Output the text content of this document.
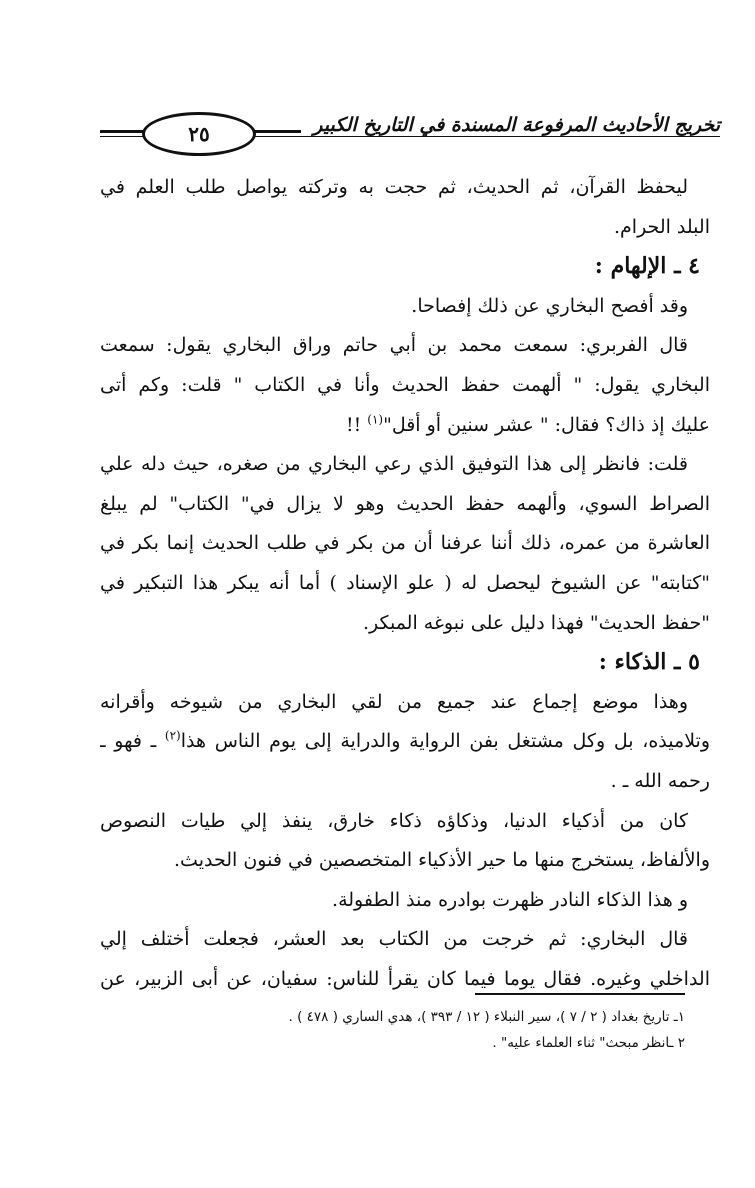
٢٥	تخريج الأحاديث المرفوعة المسندة في التاريخ الكبير
ليحفظ القرآن، ثم الحديث، ثم حجت به وتركته يواصل طلب العلم في
البلد الحرام.
٤ ـ الإلهام :
وقد أفصح البخاري عن ذلك إفصاحا.
قال الفربري: سمعت محمد بن أبي حاتم وراق البخاري يقول: سمعت
البخاري يقول: " ألهمت حفظ الحديث وأنا في الكتاب " قلت: وكم أتى
عليك إذ ذاك؟ فقال: " عشر سنين أو أقل"$^{(١)}$ !!
قلت: فانظر إلى هذا التوفيق الذي رعي البخاري من صغره، حيث دله علي
الصراط السوي، وألهمه حفظ الحديث وهو لا يزال في" الكتاب" لم يبلغ
العاشرة من عمره، ذلك أننا عرفنا أن من بكر في طلب الحديث إنما بكر في
"كتابته" عن الشيوخ ليحصل له ( علو الإسناد ) أما أنه يبكر هذا التبكير في
"حفظ الحديث" فهذا دليل على نبوغه المبكر.
٥ ـ الذكاء :
وهذا موضع إجماع عند جميع من لقي البخاري من شيوخه وأقرانه
وتلاميذه، بل وكل مشتغل بفن الرواية والدراية إلى يوم الناس هذا$^{(٢)}$ ـ فهو ـ
رحمه الله ـ .
كان من أذكياء الدنيا، وذكاؤه ذكاء خارق، ينفذ إلي طيات النصوص
والألفاظ، يستخرج منها ما حير الأذكياء المتخصصين في فنون الحديث.
و هذا الذكاء النادر ظهرت بوادره منذ الطفولة.
قال البخاري: ثم خرجت من الكتاب بعد العشر، فجعلت أختلف إلي
الداخلي وغيره. فقال يوما فيما كان يقرأ للناس: سفيان، عن أبى الزبير، عن
١ـ تاريخ بغداد ( ٢ / ٧ )، سير النبلاء ( ١٢ / ٣٩٣ )، هدي الساري ( ٤٧٨ ) .
٢ ـانظر مبحث" ثناء العلماء عليه" .
